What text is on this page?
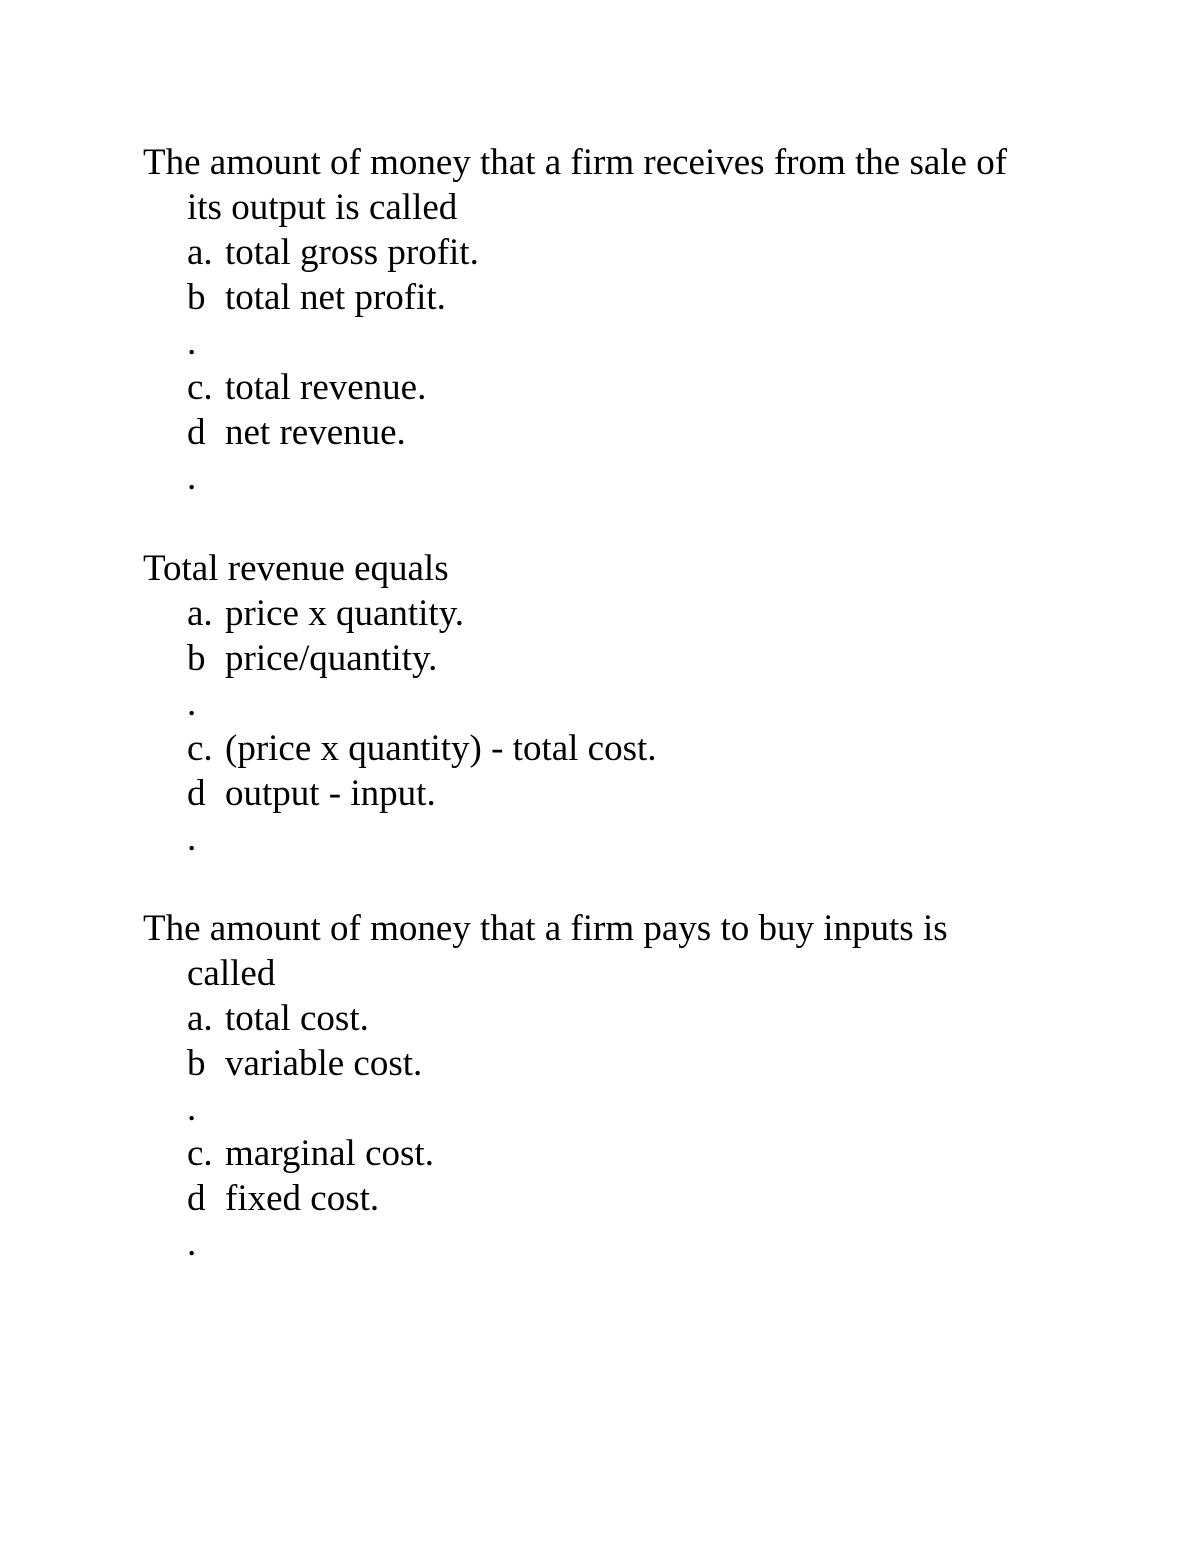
The amount of money that a firm receives from the sale of
its output is called
a. total gross profit.
b total net profit.
.
c. total revenue.
d net revenue.
.
Total revenue equals
a. price x quantity.
b price/quantity.
.
c. (price x quantity) - total cost.
d output - input.
.
The amount of money that a firm pays to buy inputs is
called
a. total cost.
b variable cost.
.
c. marginal cost.
d fixed cost.
.
